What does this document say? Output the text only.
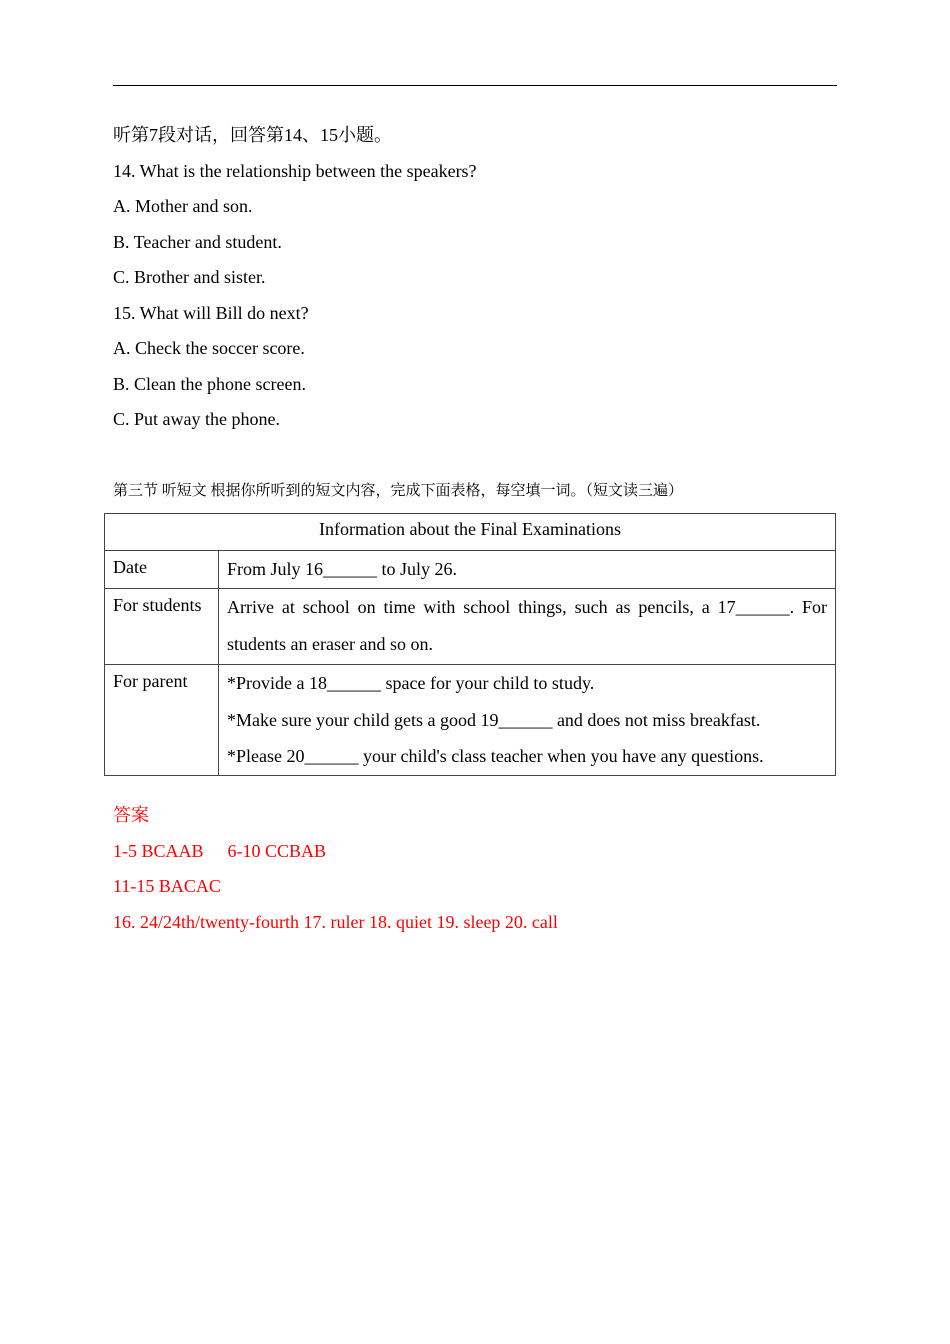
听第7段对话，回答第14、15小题。
14. What is the relationship between the speakers?
A. Mother and son.
B. Teacher and student.
C. Brother and sister.
15. What will Bill do next?
A. Check the soccer score.
B. Clean the phone screen.
C. Put away the phone.
第三节 听短文 根据你所听到的短文内容，完成下面表格，每空填一词。（短文读三遍）
Information about the Final Examinations	
Date	From July 16______ to July 26.

For students	Arrive at school on time with school things, such as pencils, a 17______. For
students an eraser and so on.

For parent	*Provide a 18______ space for your child to study.
*Make sure your child gets a good 19______ and does not miss breakfast.
*Please 20______ your child's class teacher when you have any questions.
答案
1-5 BCAAB 6-10 CCBAB
11-15 BACAC
16. 24/24th/twenty-fourth 17. ruler 18. quiet 19. sleep 20. call
